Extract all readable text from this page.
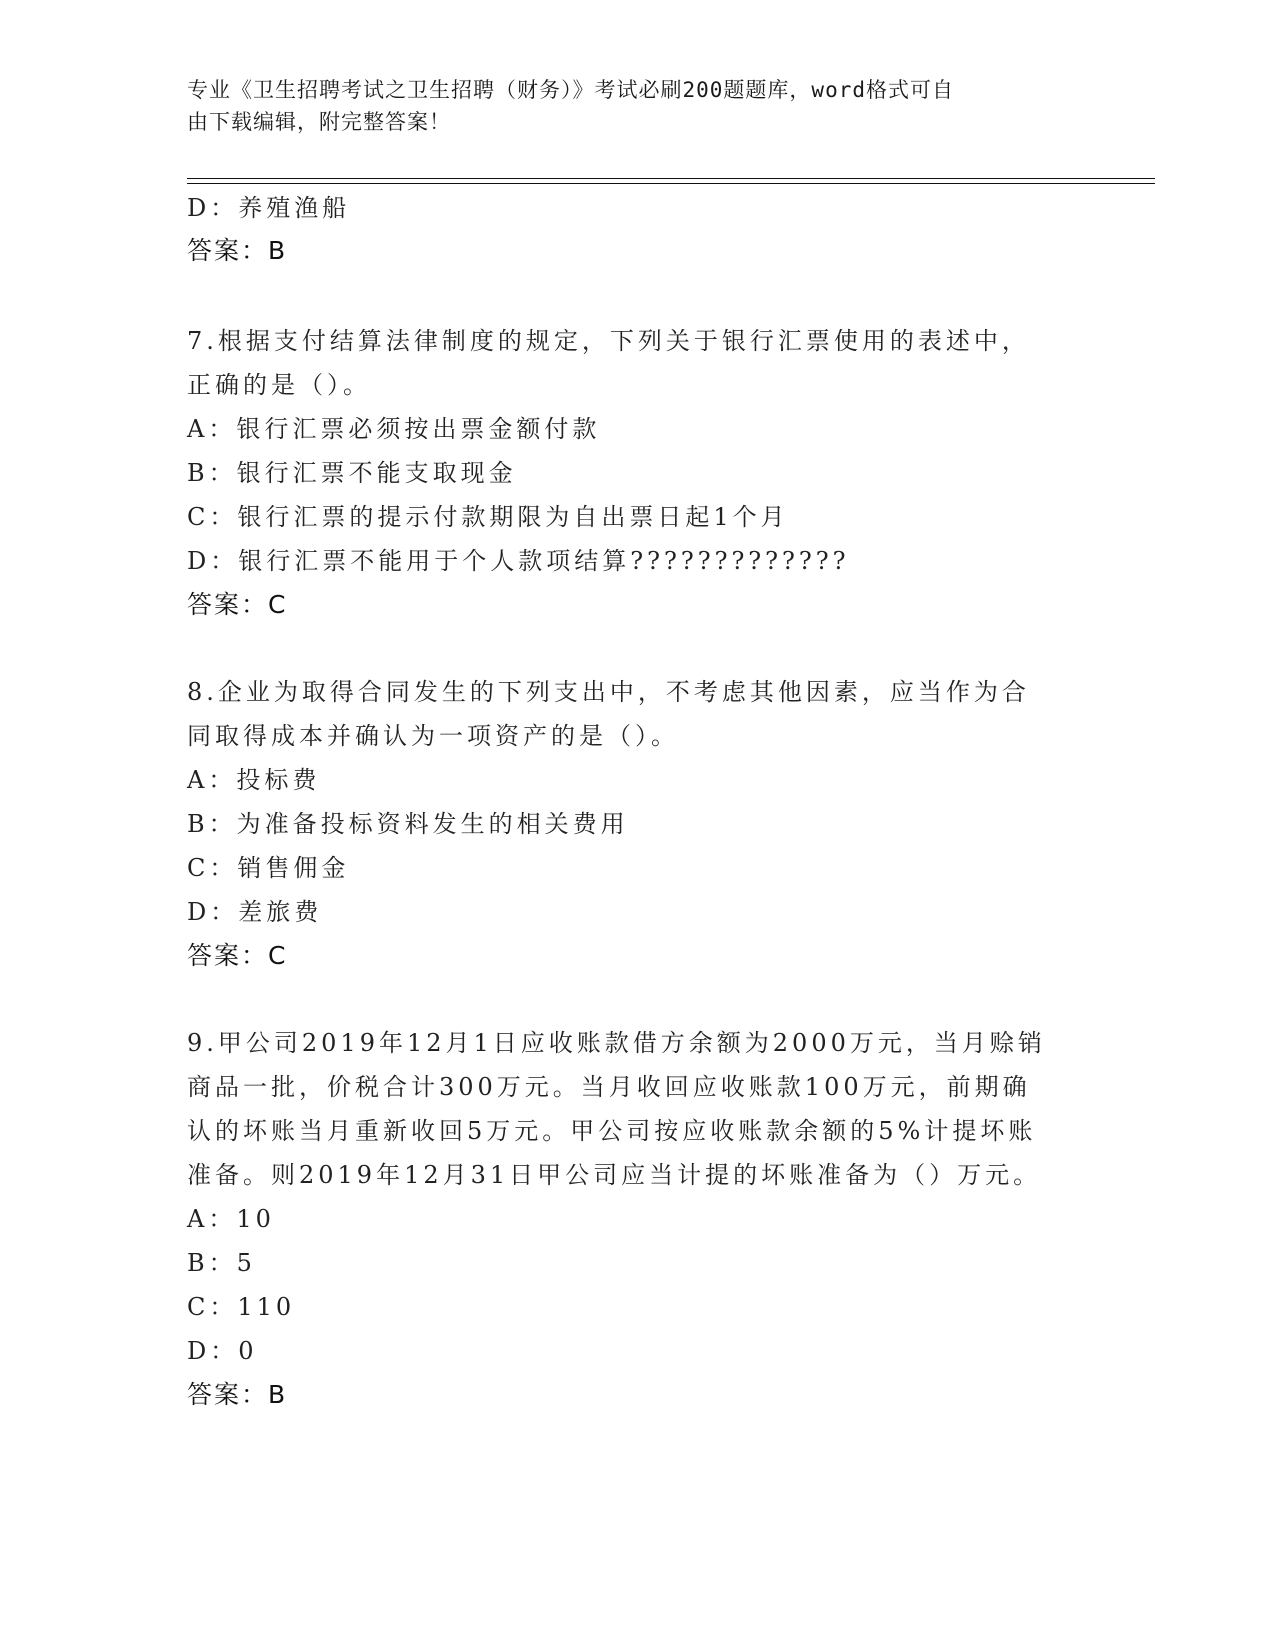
专业《卫生招聘考试之卫生招聘（财务）》考试必刷200题题库，word格式可自
由下载编辑，附完整答案！
D：养殖渔船
答案：B
7.根据支付结算法律制度的规定，下列关于银行汇票使用的表述中，
正确的是（）。
A：银行汇票必须按出票金额付款
B：银行汇票不能支取现金
C：银行汇票的提示付款期限为自出票日起1个月
D：银行汇票不能用于个人款项结算?????????????
答案：C
8.企业为取得合同发生的下列支出中，不考虑其他因素，应当作为合
同取得成本并确认为一项资产的是（）。
A：投标费
B：为准备投标资料发生的相关费用
C：销售佣金
D：差旅费
答案：C
9.甲公司2019年12月1日应收账款借方余额为2000万元，当月赊销
商品一批，价税合计300万元。当月收回应收账款100万元，前期确
认的坏账当月重新收回5万元。甲公司按应收账款余额的5%计提坏账
准备。则2019年12月31日甲公司应当计提的坏账准备为（）万元。
A：10
B：5
C：110
D：0
答案：B
